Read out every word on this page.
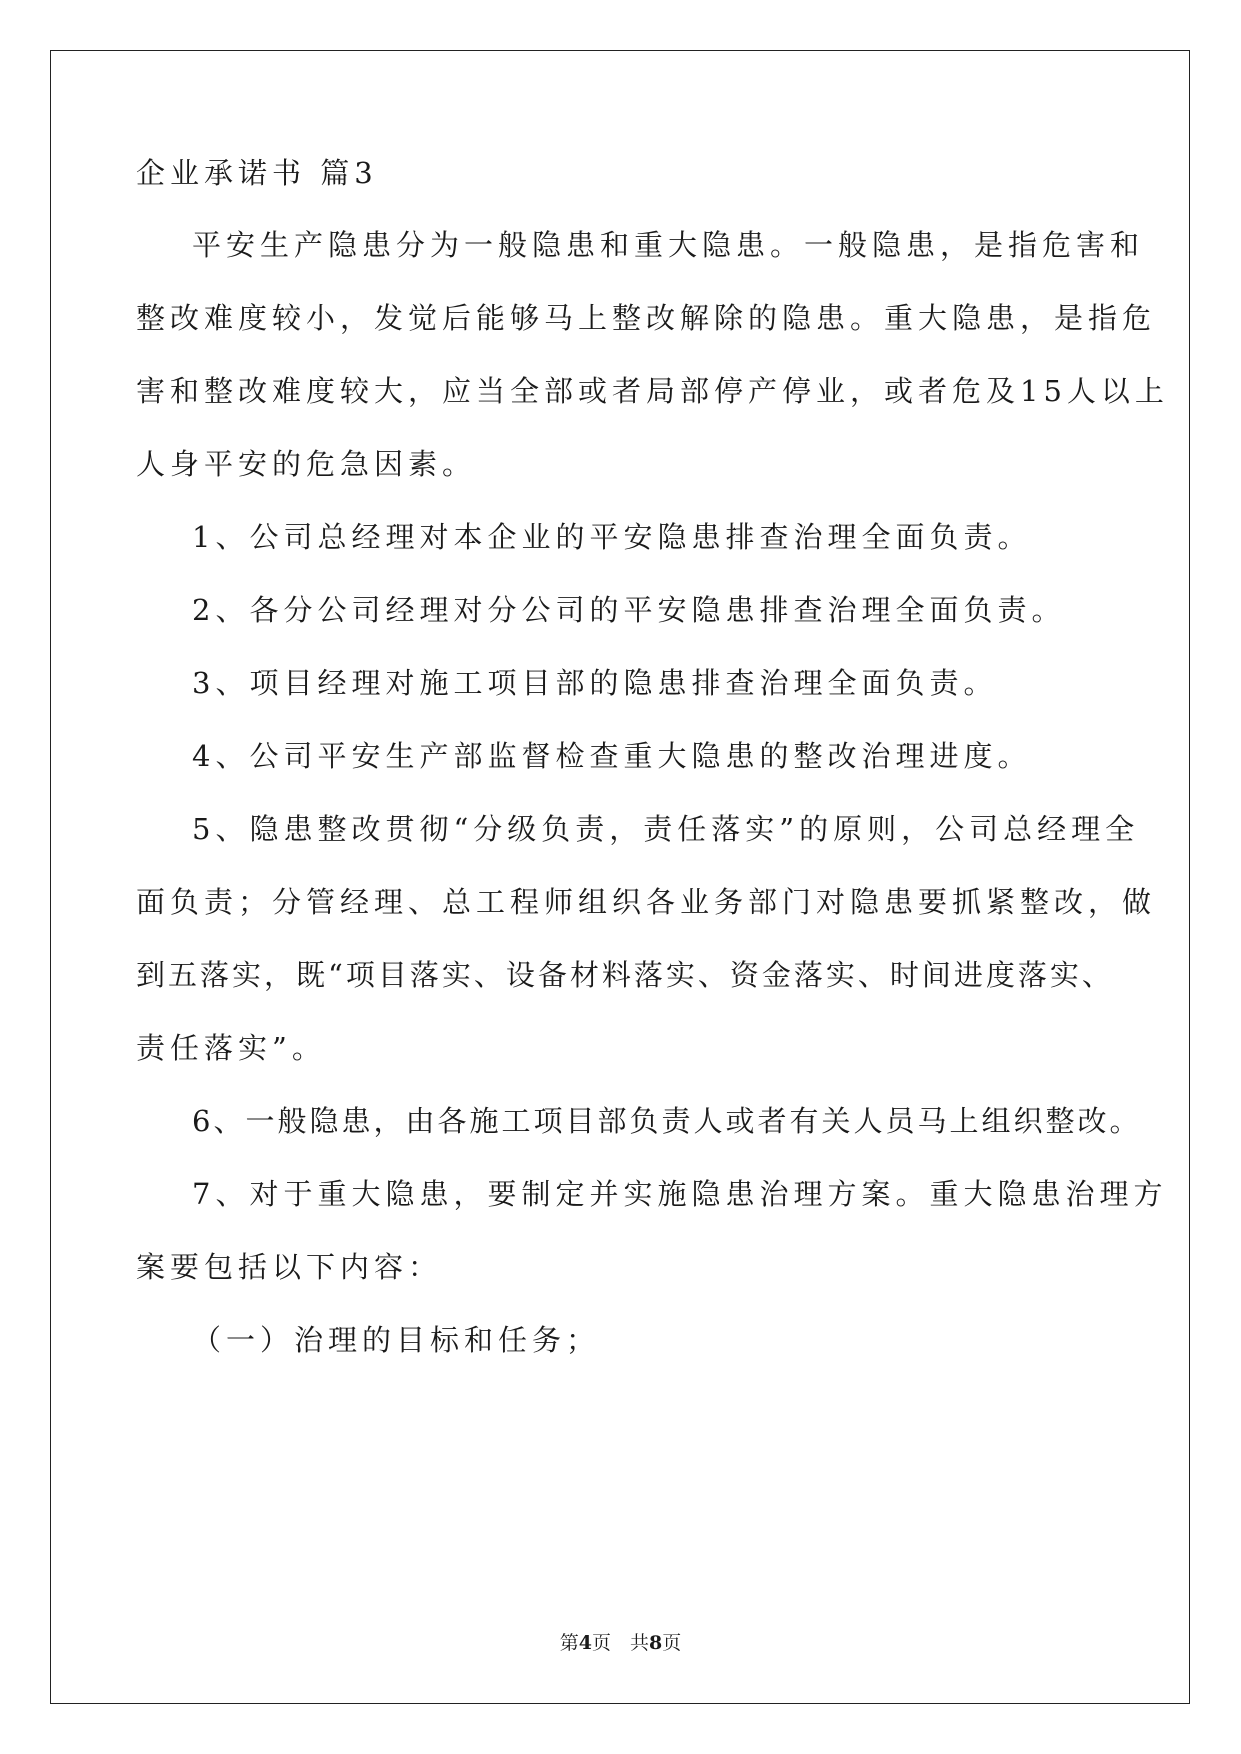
企业承诺书 篇3
平安生产隐患分为一般隐患和重大隐患。一般隐患，是指危害和
整改难度较小，发觉后能够马上整改解除的隐患。重大隐患，是指危
害和整改难度较大，应当全部或者局部停产停业，或者危及15人以上
人身平安的危急因素。
1、公司总经理对本企业的平安隐患排查治理全面负责。
2、各分公司经理对分公司的平安隐患排查治理全面负责。
3、项目经理对施工项目部的隐患排查治理全面负责。
4、公司平安生产部监督检查重大隐患的整改治理进度。
5、隐患整改贯彻“分级负责，责任落实”的原则，公司总经理全
面负责；分管经理、总工程师组织各业务部门对隐患要抓紧整改，做
到五落实，既“项目落实、设备材料落实、资金落实、时间进度落实、
责任落实”。
6、一般隐患，由各施工项目部负责人或者有关人员马上组织整改。
7、对于重大隐患，要制定并实施隐患治理方案。重大隐患治理方
案要包括以下内容：
（一）治理的目标和任务；
第4页　共8页
